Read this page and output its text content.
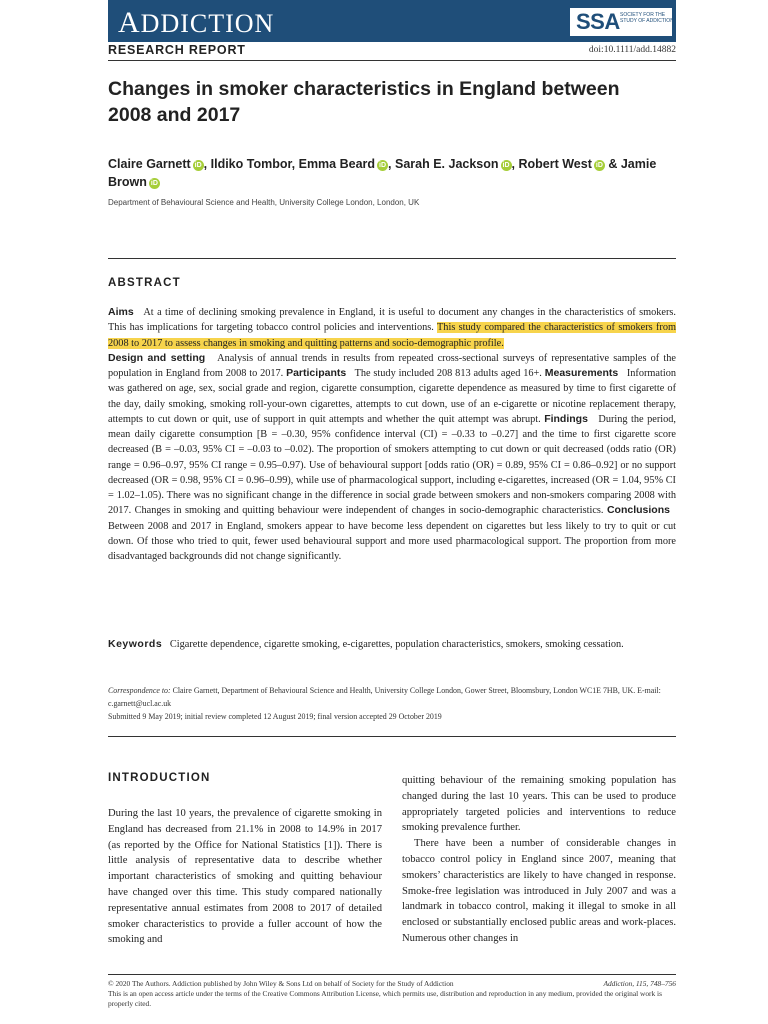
ADDICTION	SSA SOCIETY FOR THE STUDY OF ADDICTION
RESEARCH REPORT	doi:10.1111/add.14882
Changes in smoker characteristics in England between 2008 and 2017
Claire Garnett iD , Ildiko Tombor, Emma Beard iD , Sarah E. Jackson iD , Robert West iD & Jamie Brown iD
Department of Behavioural Science and Health, University College London, London, UK
ABSTRACT
Aims At a time of declining smoking prevalence in England, it is useful to document any changes in the characteristics of smokers. This has implications for targeting tobacco control policies and interventions. This study compared the characteristics of smokers from 2008 to 2017 to assess changes in smoking and quitting patterns and socio-demographic profile.
Design and setting Analysis of annual trends in results from repeated cross-sectional surveys of representative samples of the population in England from 2008 to 2017. Participants The study included 208 813 adults aged 16+. Measurements Information was gathered on age, sex, social grade and region, cigarette consumption, cigarette dependence as measured by time to first cigarette of the day, daily smoking, smoking roll-your-own cigarettes, attempts to cut down, use of an e-cigarette or nicotine replacement therapy, attempts to cut down or quit, use of support in quit attempts and whether the quit attempt was abrupt. Findings During the period, mean daily cigarette consumption [B = –0.30, 95% confidence interval (CI) = –0.33 to –0.27] and the time to first cigarette score decreased (B = –0.03, 95% CI = –0.03 to –0.02). The proportion of smokers attempting to cut down or quit decreased (odds ratio (OR) range = 0.96–0.97, 95% CI range = 0.95–0.97). Use of behavioural support [odds ratio (OR) = 0.89, 95% CI = 0.86–0.92] or no support decreased (OR = 0.98, 95% CI = 0.96–0.99), while use of pharmacological support, including e-cigarettes, increased (OR = 1.04, 95% CI = 1.02–1.05). There was no significant change in the difference in social grade between smokers and non-smokers comparing 2008 with 2017. Changes in smoking and quitting behaviour were independent of changes in socio-demographic characteristics. Conclusions   Between 2008 and 2017 in England, smokers appear to have become less dependent on cigarettes but less likely to try to quit or cut down. Of those who tried to quit, fewer used behavioural support and more used pharmacological support. The proportion from more disadvantaged backgrounds did not change significantly.
Keywords Cigarette dependence, cigarette smoking, e-cigarettes, population characteristics, smokers, smoking cessation.
Correspondence to: Claire Garnett, Department of Behavioural Science and Health, University College London, Gower Street, Bloomsbury, London WC1E 7HB, UK. E-mail: c.garnett@ucl.ac.uk
Submitted 9 May 2019; initial review completed 12 August 2019; final version accepted 29 October 2019
INTRODUCTION

During the last 10 years, the prevalence of cigarette smoking in England has decreased from 21.1% in 2008 to 14.9% in 2017 (as reported by the Office for National Statistics [1]). There is little analysis of representative data to describe whether important characteristics of smoking and quitting behaviour have changed over this time. This study compared nationally representative annual estimates from 2008 to 2017 of detailed smoker characteristics to provide a fuller account of how the smoking and

quitting behaviour of the remaining smoking population has changed during the last 10 years. This can be used to produce appropriately targeted policies and interventions to reduce smoking prevalence further.

There have been a number of considerable changes in tobacco control policy in England since 2007, meaning that smokers’ characteristics are likely to have changed in response. Smoke-free legislation was introduced in July 2007 and was a landmark in tobacco control, making it illegal to smoke in all enclosed or substantially enclosed public areas and work-places. Numerous other changes in

© 2020 The Authors. Addiction published by John Wiley & Sons Ltd on behalf of Society for the Study of Addiction
This is an open access article under the terms of the Creative Commons Attribution License, which permits use, distribution and reproduction in any medium, provided the original work is properly cited.
Addiction, 115, 748–756
